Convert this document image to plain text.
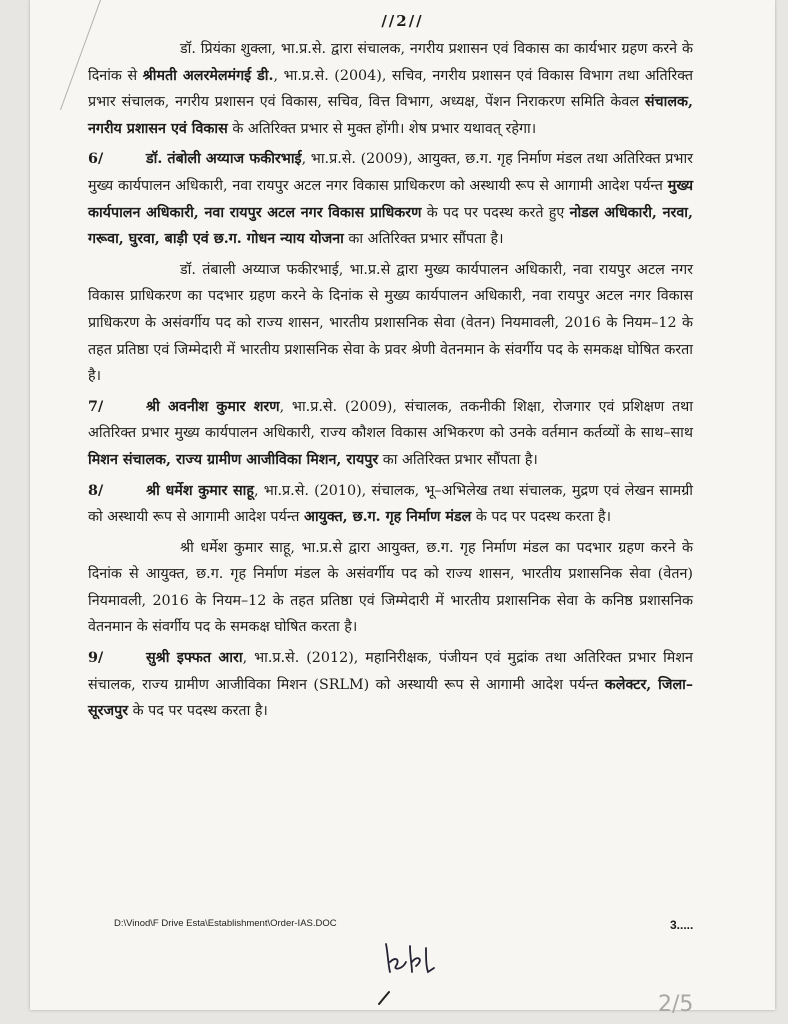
//2//

डॉ. प्रियंका शुक्ला, भा.प्र.से. द्वारा संचालक, नगरीय प्रशासन एवं विकास का कार्यभार ग्रहण करने के दिनांक से श्रीमती अलरमेलमंगई डी., भा.प्र.से. (2004), सचिव, नगरीय प्रशासन एवं विकास विभाग तथा अतिरिक्त प्रभार संचालक, नगरीय प्रशासन एवं विकास, सचिव, वित्त विभाग, अध्यक्ष, पेंशन निराकरण समिति केवल संचालक, नगरीय प्रशासन एवं विकास के अतिरिक्त प्रभार से मुक्त होंगी। शेष प्रभार यथावत् रहेगा।

6/	डॉ. तंबोली अय्याज फकीरभाई, भा.प्र.से. (2009), आयुक्त, छ.ग. गृह निर्माण मंडल तथा अतिरिक्त प्रभार मुख्य कार्यपालन अधिकारी, नवा रायपुर अटल नगर विकास प्राधिकरण को अस्थायी रूप से आगामी आदेश पर्यन्त मुख्य कार्यपालन अधिकारी, नवा रायपुर अटल नगर विकास प्राधिकरण के पद पर पदस्थ करते हुए नोडल अधिकारी, नरवा, गरूवा, घुरवा, बाड़ी एवं छ.ग. गोधन न्याय योजना का अतिरिक्त प्रभार सौंपता है।

डॉ. तंबाली अय्याज फकीरभाई, भा.प्र.से द्वारा मुख्य कार्यपालन अधिकारी, नवा रायपुर अटल नगर विकास प्राधिकरण का पदभार ग्रहण करने के दिनांक से मुख्य कार्यपालन अधिकारी, नवा रायपुर अटल नगर विकास प्राधिकरण के असंवर्गीय पद को राज्य शासन, भारतीय प्रशासनिक सेवा (वेतन) नियमावली, 2016 के नियम–12 के तहत प्रतिष्ठा एवं जिम्मेदारी में भारतीय प्रशासनिक सेवा के प्रवर श्रेणी वेतनमान के संवर्गीय पद के समकक्ष घोषित करता है।

7/	श्री अवनीश कुमार शरण, भा.प्र.से. (2009), संचालक, तकनीकी शिक्षा, रोजगार एवं प्रशिक्षण तथा अतिरिक्त प्रभार मुख्य कार्यपालन अधिकारी, राज्य कौशल विकास अभिकरण को उनके वर्तमान कर्तव्यों के साथ–साथ मिशन संचालक, राज्य ग्रामीण आजीविका मिशन, रायपुर का अतिरिक्त प्रभार सौंपता है।

8/	श्री धर्मेश कुमार साहू, भा.प्र.से. (2010), संचालक, भू–अभिलेख तथा संचालक, मुद्रण एवं लेखन सामग्री को अस्थायी रूप से आगामी आदेश पर्यन्त आयुक्त, छ.ग. गृह निर्माण मंडल के पद पर पदस्थ करता है।

श्री धर्मेश कुमार साहू, भा.प्र.से द्वारा आयुक्त, छ.ग. गृह निर्माण मंडल का पदभार ग्रहण करने के दिनांक से आयुक्त, छ.ग. गृह निर्माण मंडल के असंवर्गीय पद को राज्य शासन, भारतीय प्रशासनिक सेवा (वेतन) नियमावली, 2016 के नियम–12 के तहत प्रतिष्ठा एवं जिम्मेदारी में भारतीय प्रशासनिक सेवा के कनिष्ठ प्रशासनिक वेतनमान के संवर्गीय पद के समकक्ष घोषित करता है।

9/	सुश्री इफ्फत आरा, भा.प्र.से. (2012), महानिरीक्षक, पंजीयन एवं मुद्रांक तथा अतिरिक्त प्रभार मिशन संचालक, राज्य ग्रामीण आजीविका मिशन (SRLM) को अस्थायी रूप से आगामी आदेश पर्यन्त कलेक्टर, जिला–सूरजपुर के पद पर पदस्थ करता है।

D:\Vinod\F Drive Esta\Establishment\Order-IAS.DOC	3.....
2/5
